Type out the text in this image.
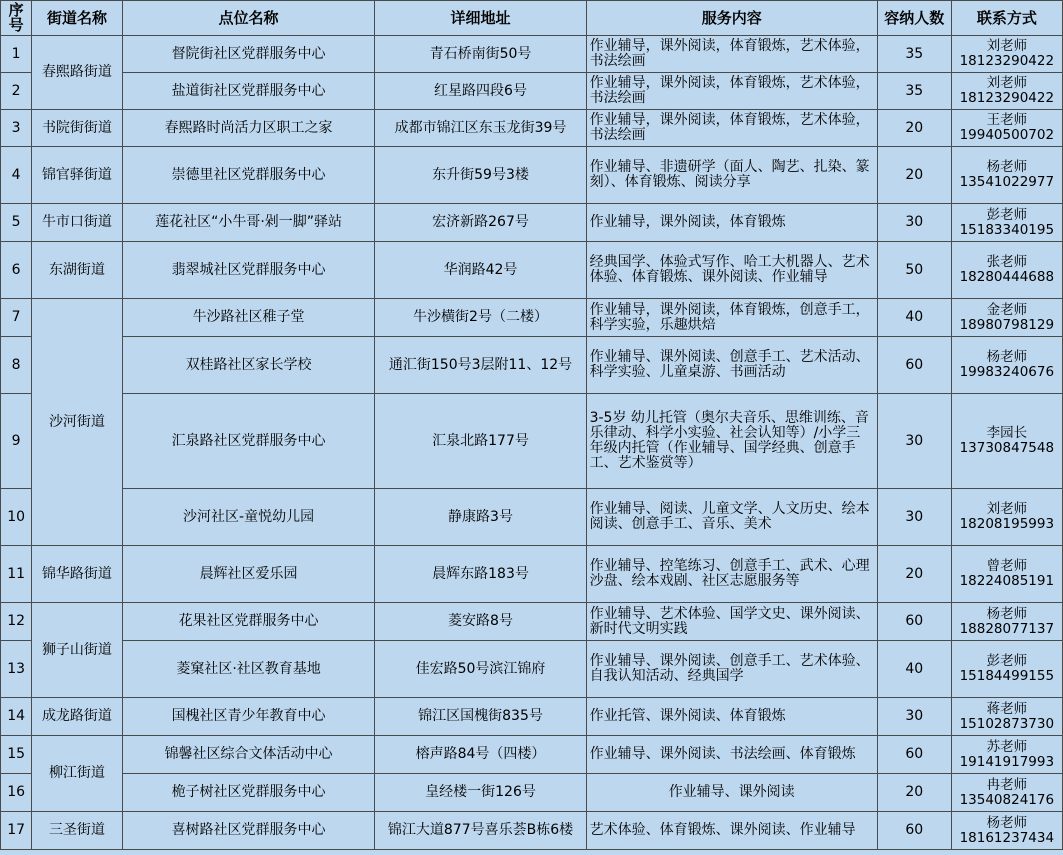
序号	街道名称	点位名称	详细地址	服务内容	容纳人数	联系方式
1	春熙路街道	督院街社区党群服务中心	青石桥南街50号	作业辅导，课外阅读，体育锻炼，艺术体验，书法绘画	35	刘老师
18123290422

2		盐道街社区党群服务中心	红星路四段6号	作业辅导，课外阅读，体育锻炼，艺术体验，书法绘画	35	刘老师
18123290422

3	书院街街道	春熙路时尚活力区职工之家	成都市锦江区东玉龙街39号	作业辅导，课外阅读，体育锻炼，艺术体验，书法绘画	20	王老师
19940500702

4	锦官驿街道	崇德里社区党群服务中心	东升街59号3楼	作业辅导、非遗研学（面人、陶艺、扎染、篆刻）、体育锻炼、阅读分享	20	杨老师
13541022977

5	牛市口街道	莲花社区“小牛哥·剁一脚”驿站	宏济新路267号	作业辅导，课外阅读，体育锻炼	30	彭老师
15183340195

6	东湖街道	翡翠城社区党群服务中心	华润路42号	经典国学、体验式写作、哈工大机器人、艺术体验、体育锻炼、课外阅读、作业辅导	50	张老师
18280444688

7	沙河街道	牛沙路社区稚子堂	牛沙横街2号（二楼）	作业辅导，课外阅读，体育锻炼，创意手工，科学实验，乐趣烘焙	40	金老师
18980798129

8		双桂路社区家长学校	通汇街150号3层附11、12号	作业辅导、课外阅读、创意手工、艺术活动、科学实验、儿童桌游、书画活动	60	杨老师
19983240676

9		汇泉路社区党群服务中心	汇泉北路177号	3-5岁 幼儿托管（奥尔夫音乐、思维训练、音乐律动、科学小实验、社会认知等）/小学三年级内托管（作业辅导、国学经典、创意手工、艺术鉴赏等）	30	李园长
13730847548

10		沙河社区-童悦幼儿园	静康路3号	作业辅导、阅读、儿童文学、人文历史、绘本阅读、创意手工、音乐、美术	30	刘老师
18208195993

11	锦华路街道	晨辉社区爱乐园	晨辉东路183号	作业辅导、控笔练习、创意手工、武术、心理沙盘、绘本戏剧、社区志愿服务等	20	曾老师
18224085191

12	狮子山街道	花果社区党群服务中心	菱安路8号	作业辅导、艺术体验、国学文史、课外阅读、新时代文明实践	60	杨老师
18828077137

13		菱窠社区·社区教育基地	佳宏路50号滨江锦府	作业辅导、课外阅读、创意手工、艺术体验、自我认知活动、经典国学	40	彭老师
15184499155

14	成龙路街道	国槐社区青少年教育中心	锦江区国槐街835号	作业托管、课外阅读、体育锻炼	30	蒋老师
15102873730

15	柳江街道	锦馨社区综合文体活动中心	榕声路84号（四楼）	作业辅导、课外阅读、书法绘画、体育锻炼	60	苏老师
19141917993

16		桅子树社区党群服务中心	皇经楼一街126号	作业辅导、课外阅读	20	冉老师
13540824176

17	三圣街道	喜树路社区党群服务中心	锦江大道877号喜乐荟B栋6楼	艺术体验、体育锻炼、课外阅读、作业辅导	60	杨老师
18161237434
